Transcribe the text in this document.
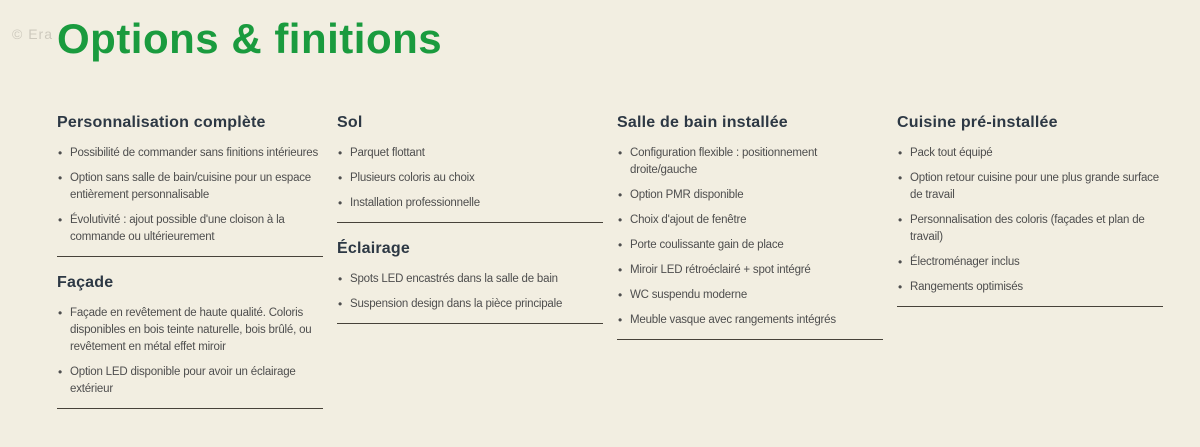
© Era Options & finitions
Personnalisation complète
• Possibilité de commander sans finitions intérieures
• Option sans salle de bain/cuisine pour un espace entièrement personnalisable
• Évolutivité : ajout possible d'une cloison à la commande ou ultérieurement
Façade
• Façade en revêtement de haute qualité. Coloris disponibles en bois teinte naturelle, bois brûlé, ou revêtement en métal effet miroir
• Option LED disponible pour avoir un éclairage extérieur
Sol
• Parquet flottant
• Plusieurs coloris au choix
• Installation professionnelle
Éclairage
• Spots LED encastrés dans la salle de bain
• Suspension design dans la pièce principale
Salle de bain installée
• Configuration flexible : positionnement droite/gauche
• Option PMR disponible
• Choix d'ajout de fenêtre
• Porte coulissante gain de place
• Miroir LED rétroéclairé + spot intégré
• WC suspendu moderne
• Meuble vasque avec rangements intégrés
Cuisine pré-installée
• Pack tout équipé
• Option retour cuisine pour une plus grande surface de travail
• Personnalisation des coloris (façades et plan de travail)
• Électroménager inclus
• Rangements optimisés
